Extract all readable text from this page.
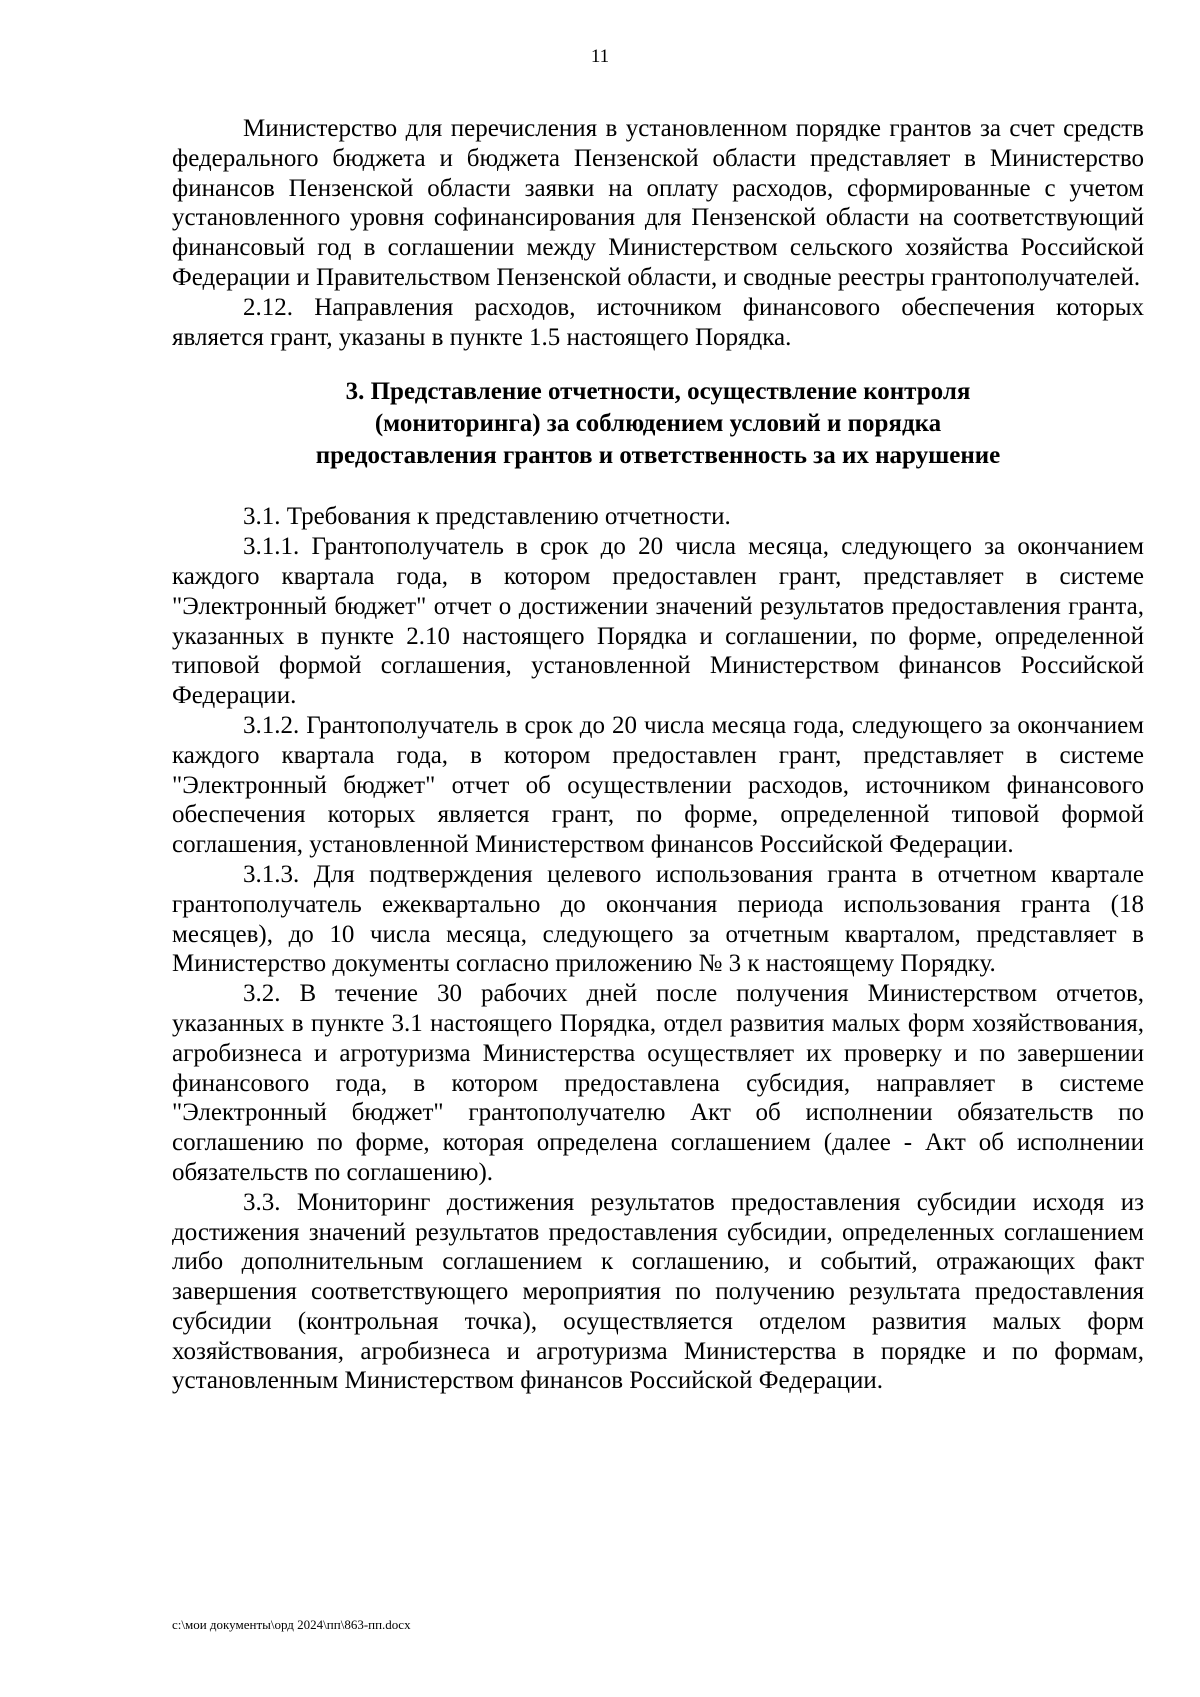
11

Министерство для перечисления в установленном порядке грантов за счет средств федерального бюджета и бюджета Пензенской области представляет в Министерство финансов Пензенской области заявки на оплату расходов, сформированные с учетом установленного уровня софинансирования для Пензенской области на соответствующий финансовый год в соглашении между Министерством сельского хозяйства Российской Федерации и Правительством Пензенской области, и сводные реестры грантополучателей.

2.12. Направления расходов, источником финансового обеспечения которых является грант, указаны в пункте 1.5 настоящего Порядка.

3. Представление отчетности, осуществление контроля
(мониторинга) за соблюдением условий и порядка
предоставления грантов и ответственность за их нарушение

3.1. Требования к представлению отчетности.

3.1.1. Грантополучатель в срок до 20 числа месяца, следующего за окончанием каждого квартала года, в котором предоставлен грант, представляет в системе "Электронный бюджет" отчет о достижении значений результатов предоставления гранта, указанных в пункте 2.10 настоящего Порядка и соглашении, по форме, определенной типовой формой соглашения, установленной Министерством финансов Российской Федерации.

3.1.2. Грантополучатель в срок до 20 числа месяца года, следующего за окончанием каждого квартала года, в котором предоставлен грант, представляет в системе "Электронный бюджет" отчет об осуществлении расходов, источником финансового обеспечения которых является грант, по форме, определенной типовой формой соглашения, установленной Министерством финансов Российской Федерации.

3.1.3. Для подтверждения целевого использования гранта в отчетном квартале грантополучатель ежеквартально до окончания периода использования гранта (18 месяцев), до 10 числа месяца, следующего за отчетным кварталом, представляет в Министерство документы согласно приложению № 3 к настоящему Порядку.

3.2. В течение 30 рабочих дней после получения Министерством отчетов, указанных в пункте 3.1 настоящего Порядка, отдел развития малых форм хозяйствования, агробизнеса и агротуризма Министерства осуществляет их проверку и по завершении финансового года, в котором предоставлена субсидия, направляет в системе "Электронный бюджет" грантополучателю Акт об исполнении обязательств по соглашению по форме, которая определена соглашением (далее - Акт об исполнении обязательств по соглашению).

3.3. Мониторинг достижения результатов предоставления субсидии исходя из достижения значений результатов предоставления субсидии, определенных соглашением либо дополнительным соглашением к соглашению, и событий, отражающих факт завершения соответствующего мероприятия по получению результата предоставления субсидии (контрольная точка), осуществляется отделом развития малых форм хозяйствования, агробизнеса и агротуризма Министерства в порядке и по формам, установленным Министерством финансов Российской Федерации.

c:\мои документы\орд 2024\пп\863-пп.docx
